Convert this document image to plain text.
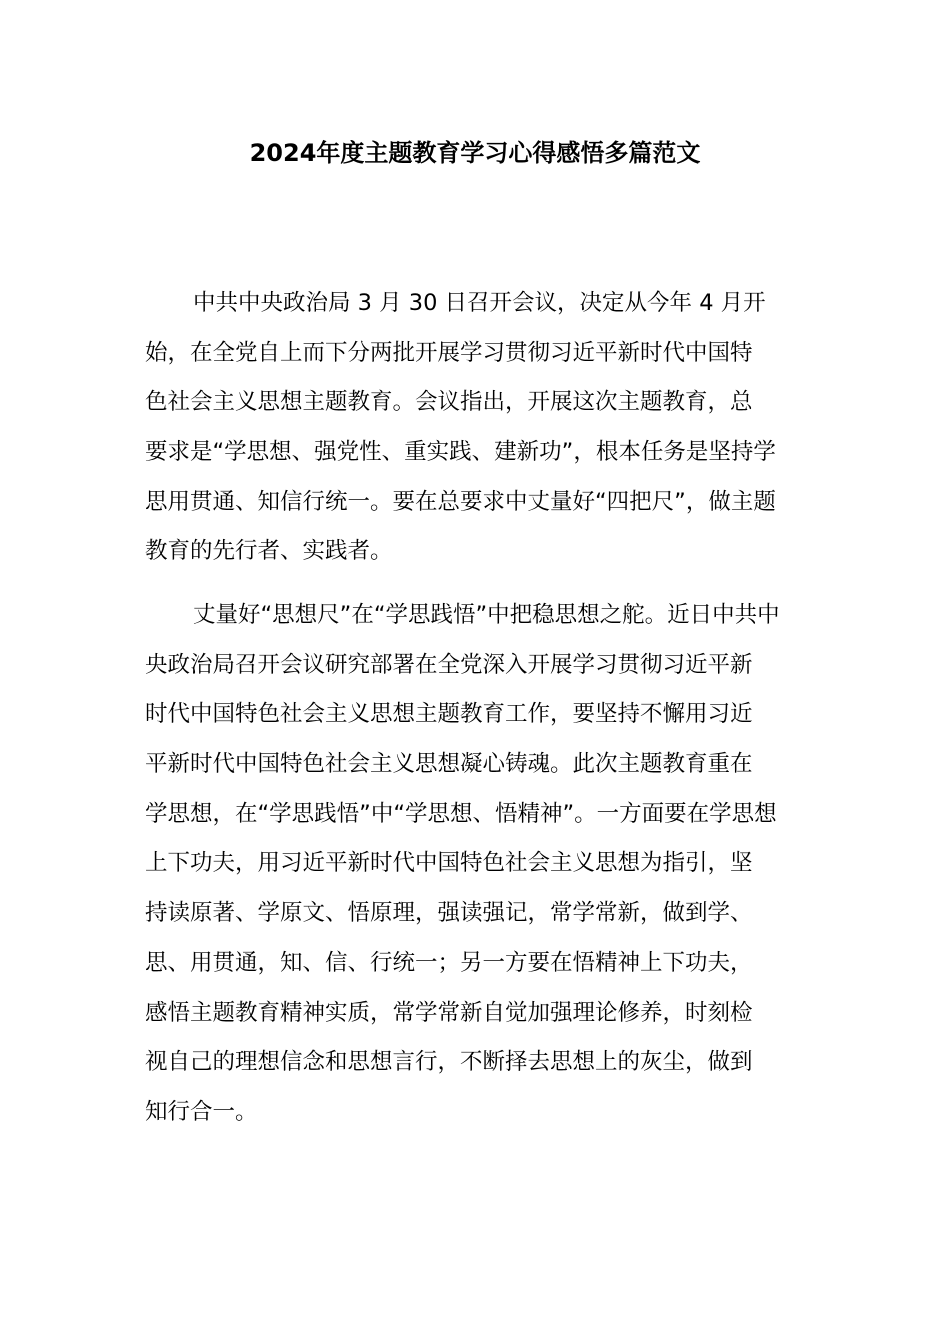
2024年度主题教育学习心得感悟多篇范文
中共中央政治局 3 月 30 日召开会议，决定从今年 4 月开
始，在全党自上而下分两批开展学习贯彻习近平新时代中国特
色社会主义思想主题教育。会议指出，开展这次主题教育，总
要求是“学思想、强党性、重实践、建新功”，根本任务是坚持学
思用贯通、知信行统一。要在总要求中丈量好“四把尺”，做主题
教育的先行者、实践者。
丈量好“思想尺”在“学思践悟”中把稳思想之舵。近日中共中
央政治局召开会议研究部署在全党深入开展学习贯彻习近平新
时代中国特色社会主义思想主题教育工作，要坚持不懈用习近
平新时代中国特色社会主义思想凝心铸魂。此次主题教育重在
学思想，在“学思践悟”中“学思想、悟精神”。一方面要在学思想
上下功夫，用习近平新时代中国特色社会主义思想为指引，坚
持读原著、学原文、悟原理，强读强记，常学常新，做到学、
思、用贯通，知、信、行统一；另一方要在悟精神上下功夫，
感悟主题教育精神实质，常学常新自觉加强理论修养，时刻检
视自己的理想信念和思想言行，不断择去思想上的灰尘，做到
知行合一。
